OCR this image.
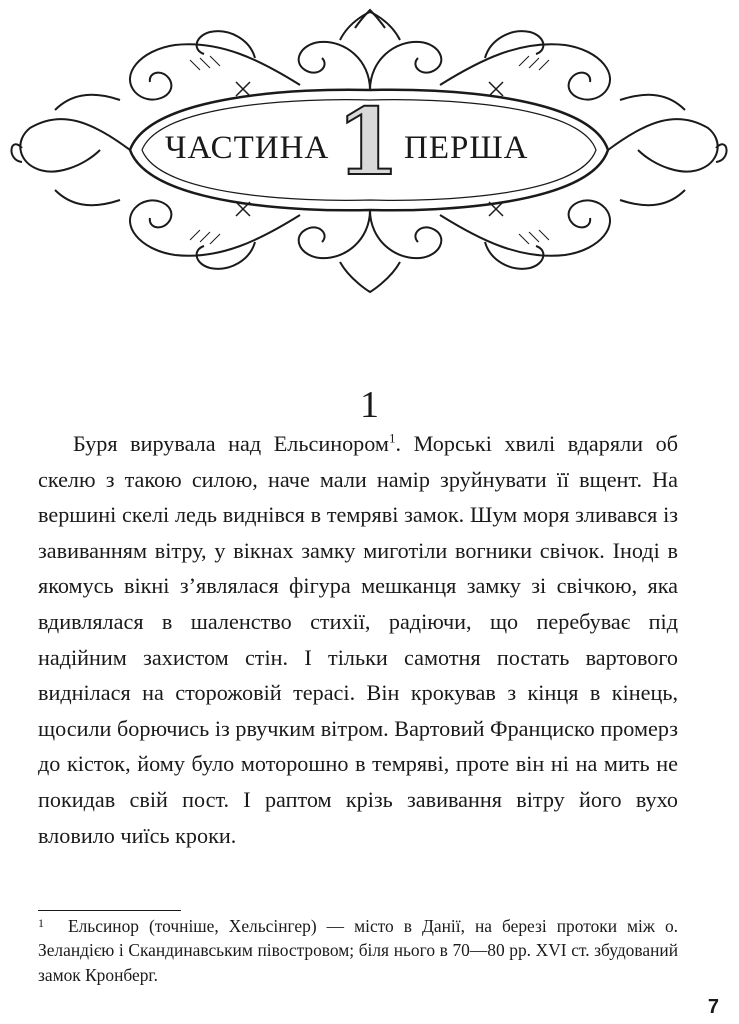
ЧАСТИНА 1 ПЕРША
1

Буря вирувала над Ельсинором$^1$. Морські хвилі вдаряли об скелю з такою силою, наче мали намір зруйнувати її вщент. На вершині скелі ледь виднівся в темряві замок. Шум моря зливався із завиванням вітру, у вікнах замку миготіли вогники свічок. Іноді в якомусь вікні з’являлася фігура мешканця замку зі свічкою, яка вдивлялася в шаленство стихії, радіючи, що перебуває під надійним захистом стін. І тільки самотня постать вартового виднілася на сторожовій терасі. Він крокував з кінця в кінець, щосили борючись із рвучким вітром. Вартовий Франциско промерз до кісток, йому було моторошно в темряві, проте він ні на мить не покидав свій пост. І раптом крізь завивання вітру його вухо вловило чиїсь кроки.

1 Ельсинор (точніше, Хельсінгер) — місто в Данії, на березі протоки між о. Зеландією і Скандинавським півостровом; біля нього в 70—80 рр. XVI ст. збудований замок Кронберг.

7
